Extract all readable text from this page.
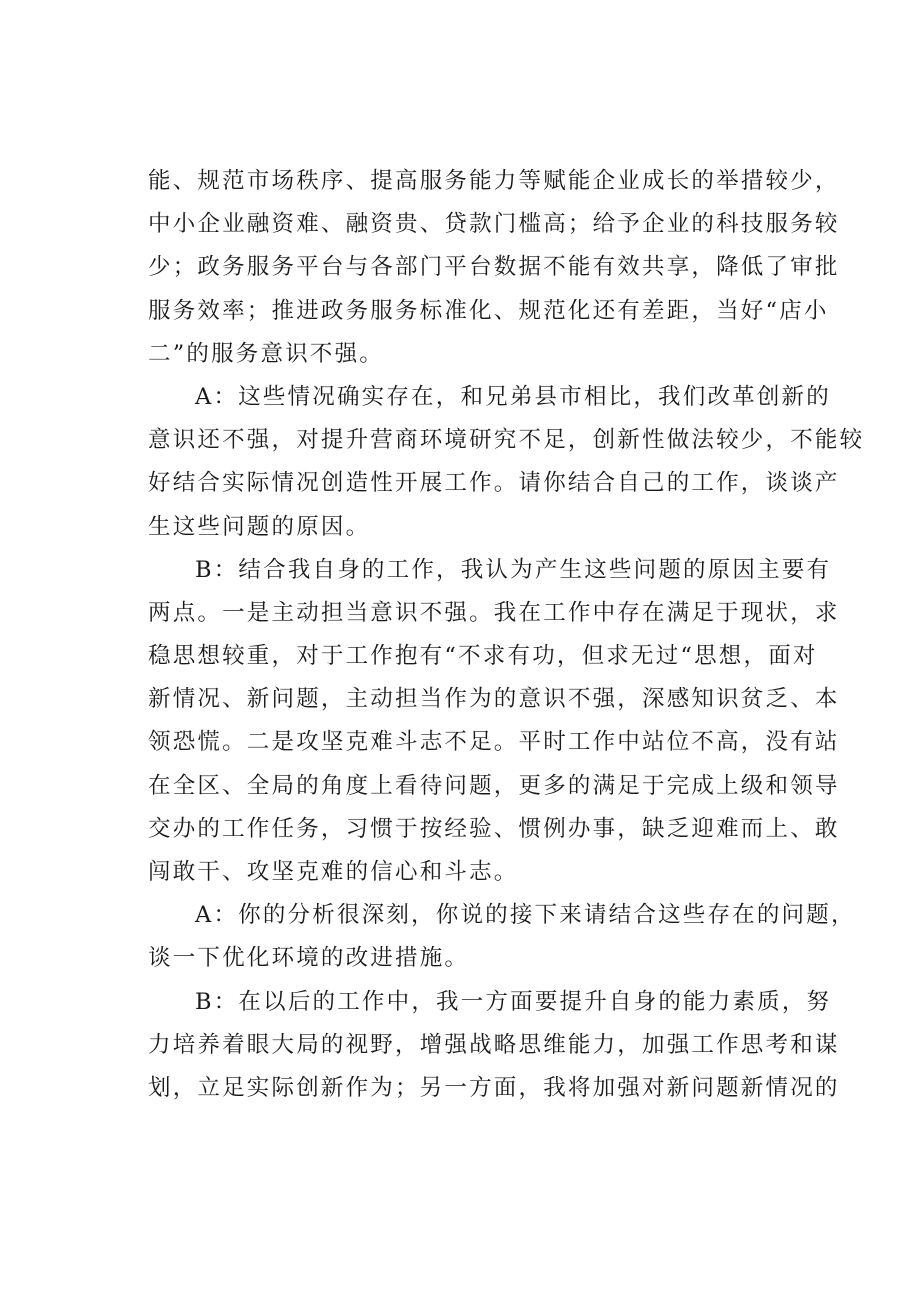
能、规范市场秩序、提高服务能力等赋能企业成长的举措较少，
中小企业融资难、融资贵、贷款门槛高；给予企业的科技服务较
少；政务服务平台与各部门平台数据不能有效共享，降低了审批
服务效率；推进政务服务标准化、规范化还有差距，当好“店小
二”的服务意识不强。
A：这些情况确实存在，和兄弟县市相比，我们改革创新的
意识还不强，对提升营商环境研究不足，创新性做法较少，不能较
好结合实际情况创造性开展工作。请你结合自己的工作，谈谈产
生这些问题的原因。
B：结合我自身的工作，我认为产生这些问题的原因主要有
两点。一是主动担当意识不强。我在工作中存在满足于现状，求
稳思想较重，对于工作抱有“不求有功，但求无过“思想，面对
新情况、新问题，主动担当作为的意识不强，深感知识贫乏、本
领恐慌。二是攻坚克难斗志不足。平时工作中站位不高，没有站
在全区、全局的角度上看待问题，更多的满足于完成上级和领导
交办的工作任务，习惯于按经验、惯例办事，缺乏迎难而上、敢
闯敢干、攻坚克难的信心和斗志。
A：你的分析很深刻，你说的接下来请结合这些存在的问题，
谈一下优化环境的改进措施。
B：在以后的工作中，我一方面要提升自身的能力素质，努
力培养着眼大局的视野，增强战略思维能力，加强工作思考和谋
划，立足实际创新作为；另一方面，我将加强对新问题新情况的
